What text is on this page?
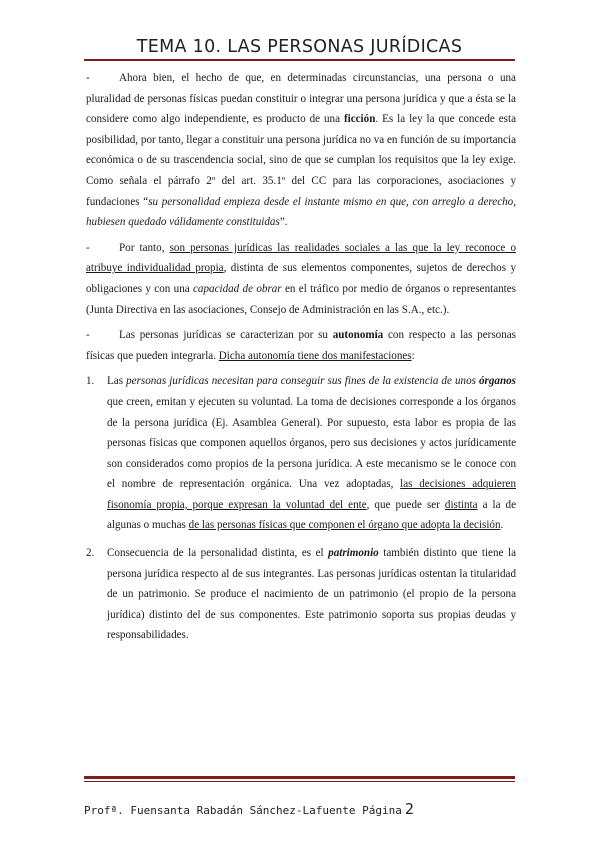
TEMA 10. LAS PERSONAS JURÍDICAS

-	Ahora bien, el hecho de que, en determinadas circunstancias, una persona o una pluralidad de personas físicas puedan constituir o integrar una persona jurídica y que a ésta se la considere como algo independiente, es producto de una ficción. Es la ley la que concede esta posibilidad, por tanto, llegar a constituir una persona jurídica no va en función de su importancia económica o de su trascendencia social, sino de que se cumplan los requisitos que la ley exige. Como señala el párrafo 2º del art. 35.1º del CC para las corporaciones, asociaciones y fundaciones “su personalidad empieza desde el instante mismo en que, con arreglo a derecho, hubiesen quedado válidamente constituidas”.

-	Por tanto, son personas jurídicas las realidades sociales a las que la ley reconoce o atribuye individualidad propia, distinta de sus elementos componentes, sujetos de derechos y obligaciones y con una capacidad de obrar en el tráfico por medio de órganos o representantes (Junta Directiva en las asociaciones, Consejo de Administración en las S.A., etc.).

-	Las personas jurídicas se caracterizan por su autonomía con respecto a las personas físicas que pueden integrarla. Dicha autonomía tiene dos manifestaciones:

1. Las personas jurídicas necesitan para conseguir sus fines de la existencia de unos órganos que creen, emitan y ejecuten su voluntad. La toma de decisiones corresponde a los órganos de la persona jurídica (Ej. Asamblea General). Por supuesto, esta labor es propia de las personas físicas que componen aquellos órganos, pero sus decisiones y actos jurídicamente son considerados como propios de la persona jurídica. A este mecanismo se le conoce con el nombre de representación orgánica. Una vez adoptadas, las decisiones adquieren fisonomía propia, porque expresan la voluntad del ente, que puede ser distinta a la de algunas o muchas de las personas físicas que componen el órgano que adopta la decisión.
2. Consecuencia de la personalidad distinta, es el patrimonio también distinto que tiene la persona jurídica respecto al de sus integrantes. Las personas jurídicas ostentan la titularidad de un patrimonio. Se produce el nacimiento de un patrimonio (el propio de la persona jurídica) distinto del de sus componentes. Este patrimonio soporta sus propias deudas y responsabilidades.
Profª. Fuensanta Rabadán Sánchez-Lafuente Página 2
